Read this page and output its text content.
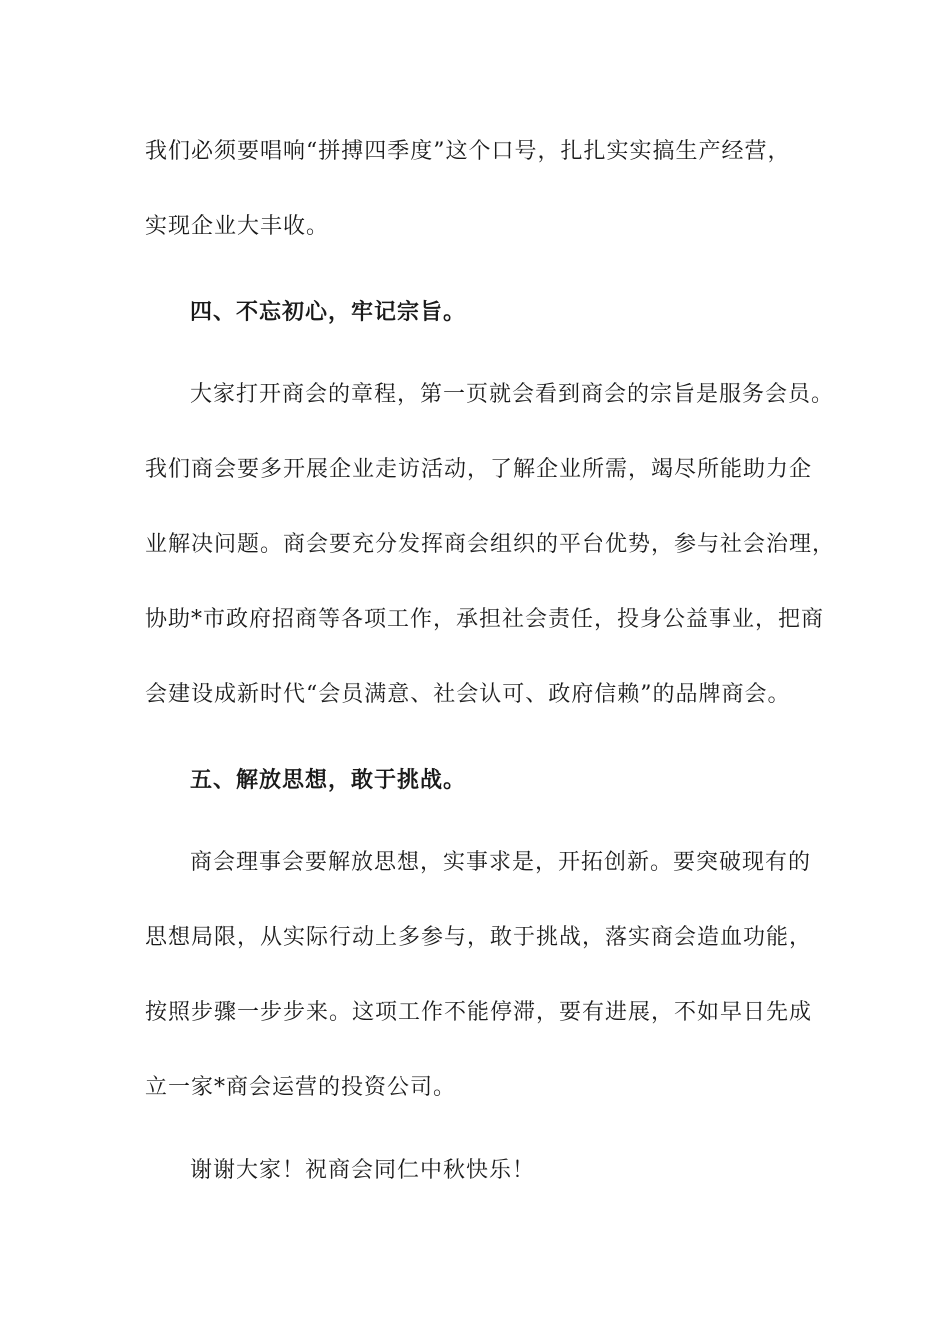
我们必须要唱响“拼搏四季度”这个口号，扎扎实实搞生产经营，
实现企业大丰收。
四、不忘初心，牢记宗旨。
大家打开商会的章程，第一页就会看到商会的宗旨是服务会员。
我们商会要多开展企业走访活动，了解企业所需，竭尽所能助力企
业解决问题。商会要充分发挥商会组织的平台优势，参与社会治理，
协助*市政府招商等各项工作，承担社会责任，投身公益事业，把商
会建设成新时代“会员满意、社会认可、政府信赖”的品牌商会。
五、解放思想，敢于挑战。
商会理事会要解放思想，实事求是，开拓创新。要突破现有的
思想局限，从实际行动上多参与，敢于挑战，落实商会造血功能，
按照步骤一步步来。这项工作不能停滞，要有进展，不如早日先成
立一家*商会运营的投资公司。
谢谢大家！祝商会同仁中秋快乐！
